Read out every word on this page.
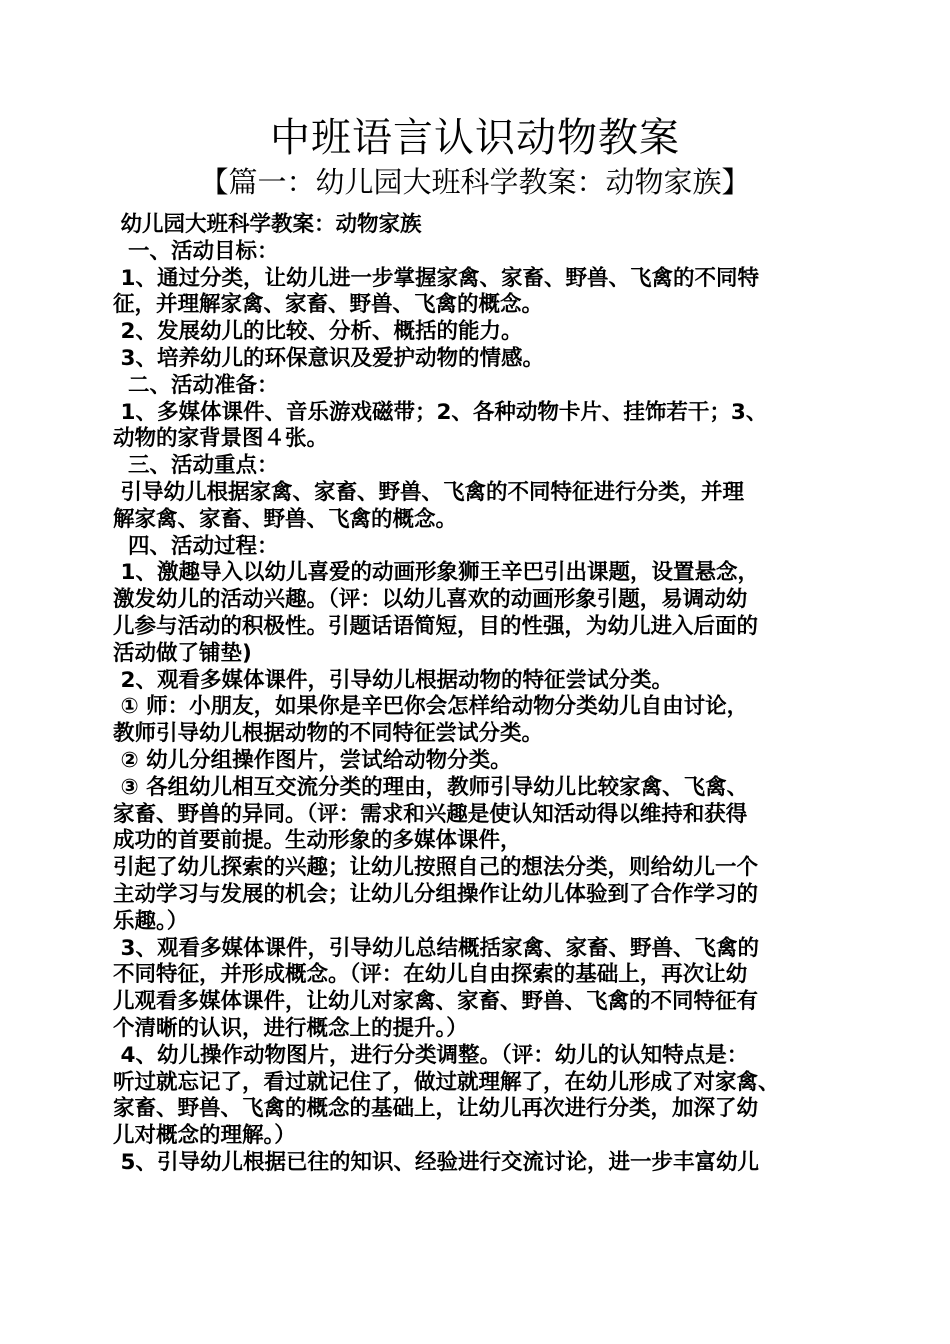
中班语言认识动物教案
【篇一：幼儿园大班科学教案：动物家族】
幼儿园大班科学教案：动物家族
一、活动目标：
1、通过分类，让幼儿进一步掌握家禽、家畜、野兽、飞禽的不同特
征，并理解家禽、家畜、野兽、飞禽的概念。
2、发展幼儿的比较、分析、概括的能力。
3、培养幼儿的环保意识及爱护动物的情感。
二、活动准备：
1、多媒体课件、音乐游戏磁带；2、各种动物卡片、挂饰若干；3、
动物的家背景图４张。
三、活动重点：
引导幼儿根据家禽、家畜、野兽、飞禽的不同特征进行分类，并理
解家禽、家畜、野兽、飞禽的概念。
四、活动过程：
1、激趣导入以幼儿喜爱的动画形象狮王辛巴引出课题，设置悬念，
激发幼儿的活动兴趣。（评：以幼儿喜欢的动画形象引题，易调动幼
儿参与活动的积极性。引题话语简短，目的性强，为幼儿进入后面的
活动做了铺垫)
2、观看多媒体课件，引导幼儿根据动物的特征尝试分类。
① 师：小朋友，如果你是辛巴你会怎样给动物分类幼儿自由讨论，
教师引导幼儿根据动物的不同特征尝试分类。
② 幼儿分组操作图片，尝试给动物分类。
③ 各组幼儿相互交流分类的理由，教师引导幼儿比较家禽、飞禽、
家畜、野兽的异同。（评：需求和兴趣是使认知活动得以维持和获得
成功的首要前提。生动形象的多媒体课件，
引起了幼儿探索的兴趣；让幼儿按照自己的想法分类，则给幼儿一个
主动学习与发展的机会；让幼儿分组操作让幼儿体验到了合作学习的
乐趣。）
3、观看多媒体课件，引导幼儿总结概括家禽、家畜、野兽、飞禽的
不同特征，并形成概念。（评：在幼儿自由探索的基础上，再次让幼
儿观看多媒体课件，让幼儿对家禽、家畜、野兽、飞禽的不同特征有
个清晰的认识，进行概念上的提升。）
4、幼儿操作动物图片，进行分类调整。（评：幼儿的认知特点是：
听过就忘记了，看过就记住了，做过就理解了，在幼儿形成了对家禽、
家畜、野兽、飞禽的概念的基础上，让幼儿再次进行分类，加深了幼
儿对概念的理解。）
5、引导幼儿根据已往的知识、经验进行交流讨论，进一步丰富幼儿
